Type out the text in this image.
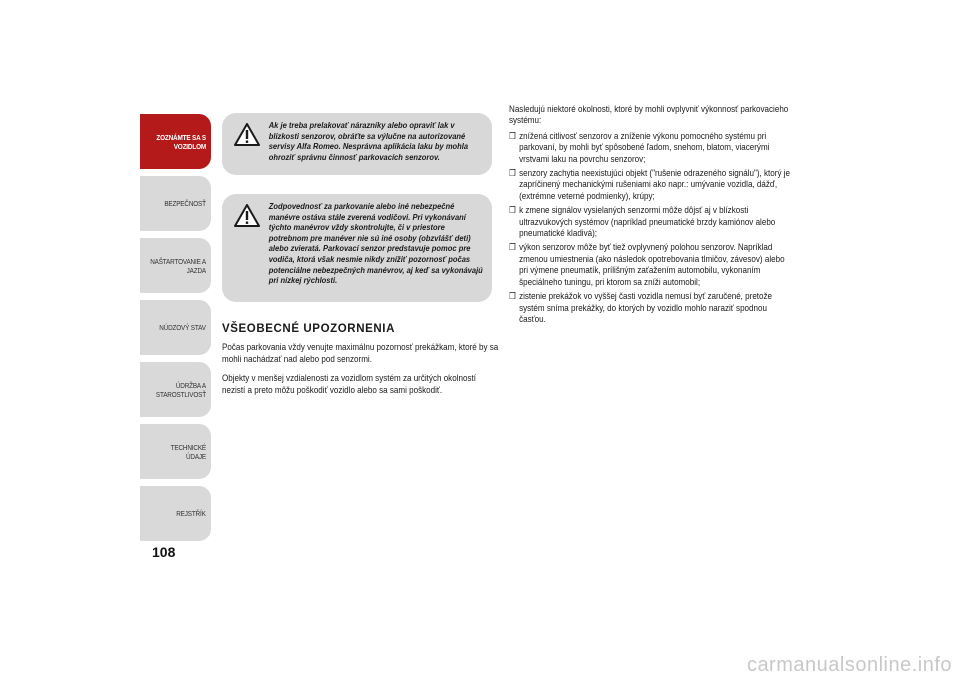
ZOZNÁMTE SA S VOZIDLOM
BEZPEČNOSŤ
NAŠTARTOVANIE A JAZDA
NÚDZOVÝ STAV
ÚDRŽBA A STAROSTLIVOSŤ
TECHNICKÉ ÚDAJE
REJSTŘÍK
108
Ak je treba prelakovať nárazníky alebo opraviť lak v blízkosti senzorov, obráťte sa výlučne na autorizované servisy Alfa Romeo. Nesprávna aplikácia laku by mohla ohroziť správnu činnosť parkovacích senzorov.
Zodpovednosť za parkovanie alebo iné nebezpečné manévre ostáva stále zverená vodičovi. Pri vykonávaní týchto manévrov vždy skontrolujte, či v priestore potrebnom pre manéver nie sú iné osoby (obzvlášť deti) alebo zvieratá. Parkovací senzor predstavuje pomoc pre vodiča, ktorá však nesmie nikdy znížiť pozornosť počas potenciálne nebezpečných manévrov, aj keď sa vykonávajú pri nízkej rýchlosti.
VŠEOBECNÉ UPOZORNENIA
Počas parkovania vždy venujte maximálnu pozornosť prekážkam, ktoré by sa mohli nachádzať nad alebo pod senzormi.
Objekty v menšej vzdialenosti za vozidlom systém za určitých okolností nezistí a preto môžu poškodiť vozidlo alebo sa sami poškodiť.
Nasledujú niektoré okolnosti, ktoré by mohli ovplyvniť výkonnosť parkovacieho systému:
❒ znížená citlivosť senzorov a zníženie výkonu pomocného systému pri parkovaní, by mohli byť spôsobené ľadom, snehom, blatom, viacerými vrstvami laku na povrchu senzorov;
❒ senzory zachytia neexistujúci objekt ("rušenie odrazeného signálu"), ktorý je zapríčinený mechanickými rušeniami ako napr.: umývanie vozidla, dážď, (extrémne veterné podmienky), krúpy;
❒ k zmene signálov vysielaných senzormi môže dôjsť aj v blízkosti ultrazvukových systémov (napríklad pneumatické brzdy kamiónov alebo pneumatické kladivá);
❒ výkon senzorov môže byť tiež ovplyvnený polohou senzorov. Napríklad zmenou umiestnenia (ako následok opotrebovania tlmičov, závesov) alebo pri výmene pneumatík, prílišným zaťažením automobilu, vykonaním špeciálneho tuningu, pri ktorom sa zníži automobil;
❒ zistenie prekážok vo vyššej časti vozidla nemusí byť zaručené, pretože systém sníma prekážky, do ktorých by vozidlo mohlo naraziť spodnou časťou.
carmanualsonline.info
